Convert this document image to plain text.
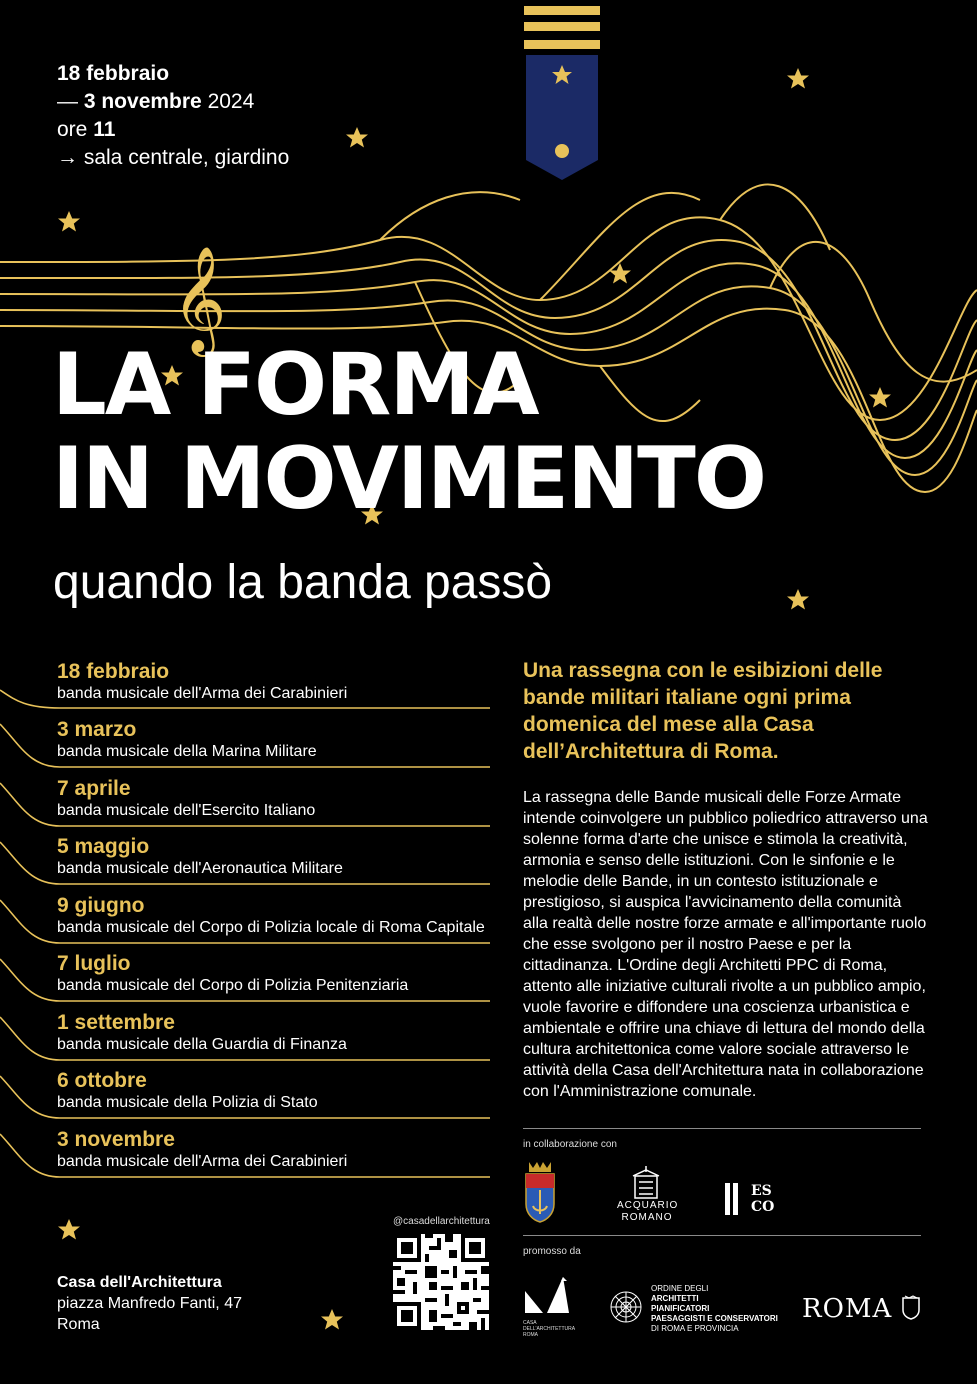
𝄞
18 febbraio
— 3 novembre 2024
ore 11
→ sala centrale, giardino
LA FORMA
IN MOVIMENTO
quando la banda passò
18 febbraio
banda musicale dell'Arma dei Carabinieri
3 marzo
banda musicale della Marina Militare
7 aprile
banda musicale dell'Esercito Italiano
5 maggio
banda musicale dell'Aeronautica Militare
9 giugno
banda musicale del Corpo di Polizia locale di Roma Capitale
7 luglio
banda musicale del Corpo di Polizia Penitenziaria
1 settembre
banda musicale della Guardia di Finanza
6 ottobre
banda musicale della Polizia di Stato
3 novembre
banda musicale dell'Arma dei Carabinieri
Una rassegna con le esibizioni delle bande militari italiane ogni prima domenica del mese alla Casa dell’Architettura di Roma.
La rassegna delle Bande musicali delle Forze Armate intende coinvolgere un pubblico poliedrico attraverso una solenne forma d'arte che unisce e stimola la creatività, armonia e senso delle istituzioni. Con le sinfonie e le melodie delle Bande, in un contesto istituzionale e prestigioso, si auspica l'avvicinamento della comunità alla realtà delle nostre forze armate e all'importante ruolo che esse svolgono per il nostro Paese e per la cittadinanza. L'Ordine degli Architetti PPC di Roma, attento alle iniziative culturali rivolte a un pubblico ampio, vuole favorire e diffondere una coscienza urbanistica e ambientale e offrire una chiave di lettura del mondo della cultura architettonica come valore sociale attraverso le attività della Casa dell'Architettura nata in collaborazione con l'Amministrazione comunale.
in collaborazione con
ACQUARIO
ROMANO
ES
CO
promosso da
CASA DELL'ARCHITETTURA ROMA
ORDINE DEGLI
ARCHITETTI
PIANIFICATORI
PAESAGGISTI E CONSERVATORI
DI ROMA E PROVINCIA
ROMA
@casadellarchitettura
Casa dell'Architettura
piazza Manfredo Fanti, 47
Roma
